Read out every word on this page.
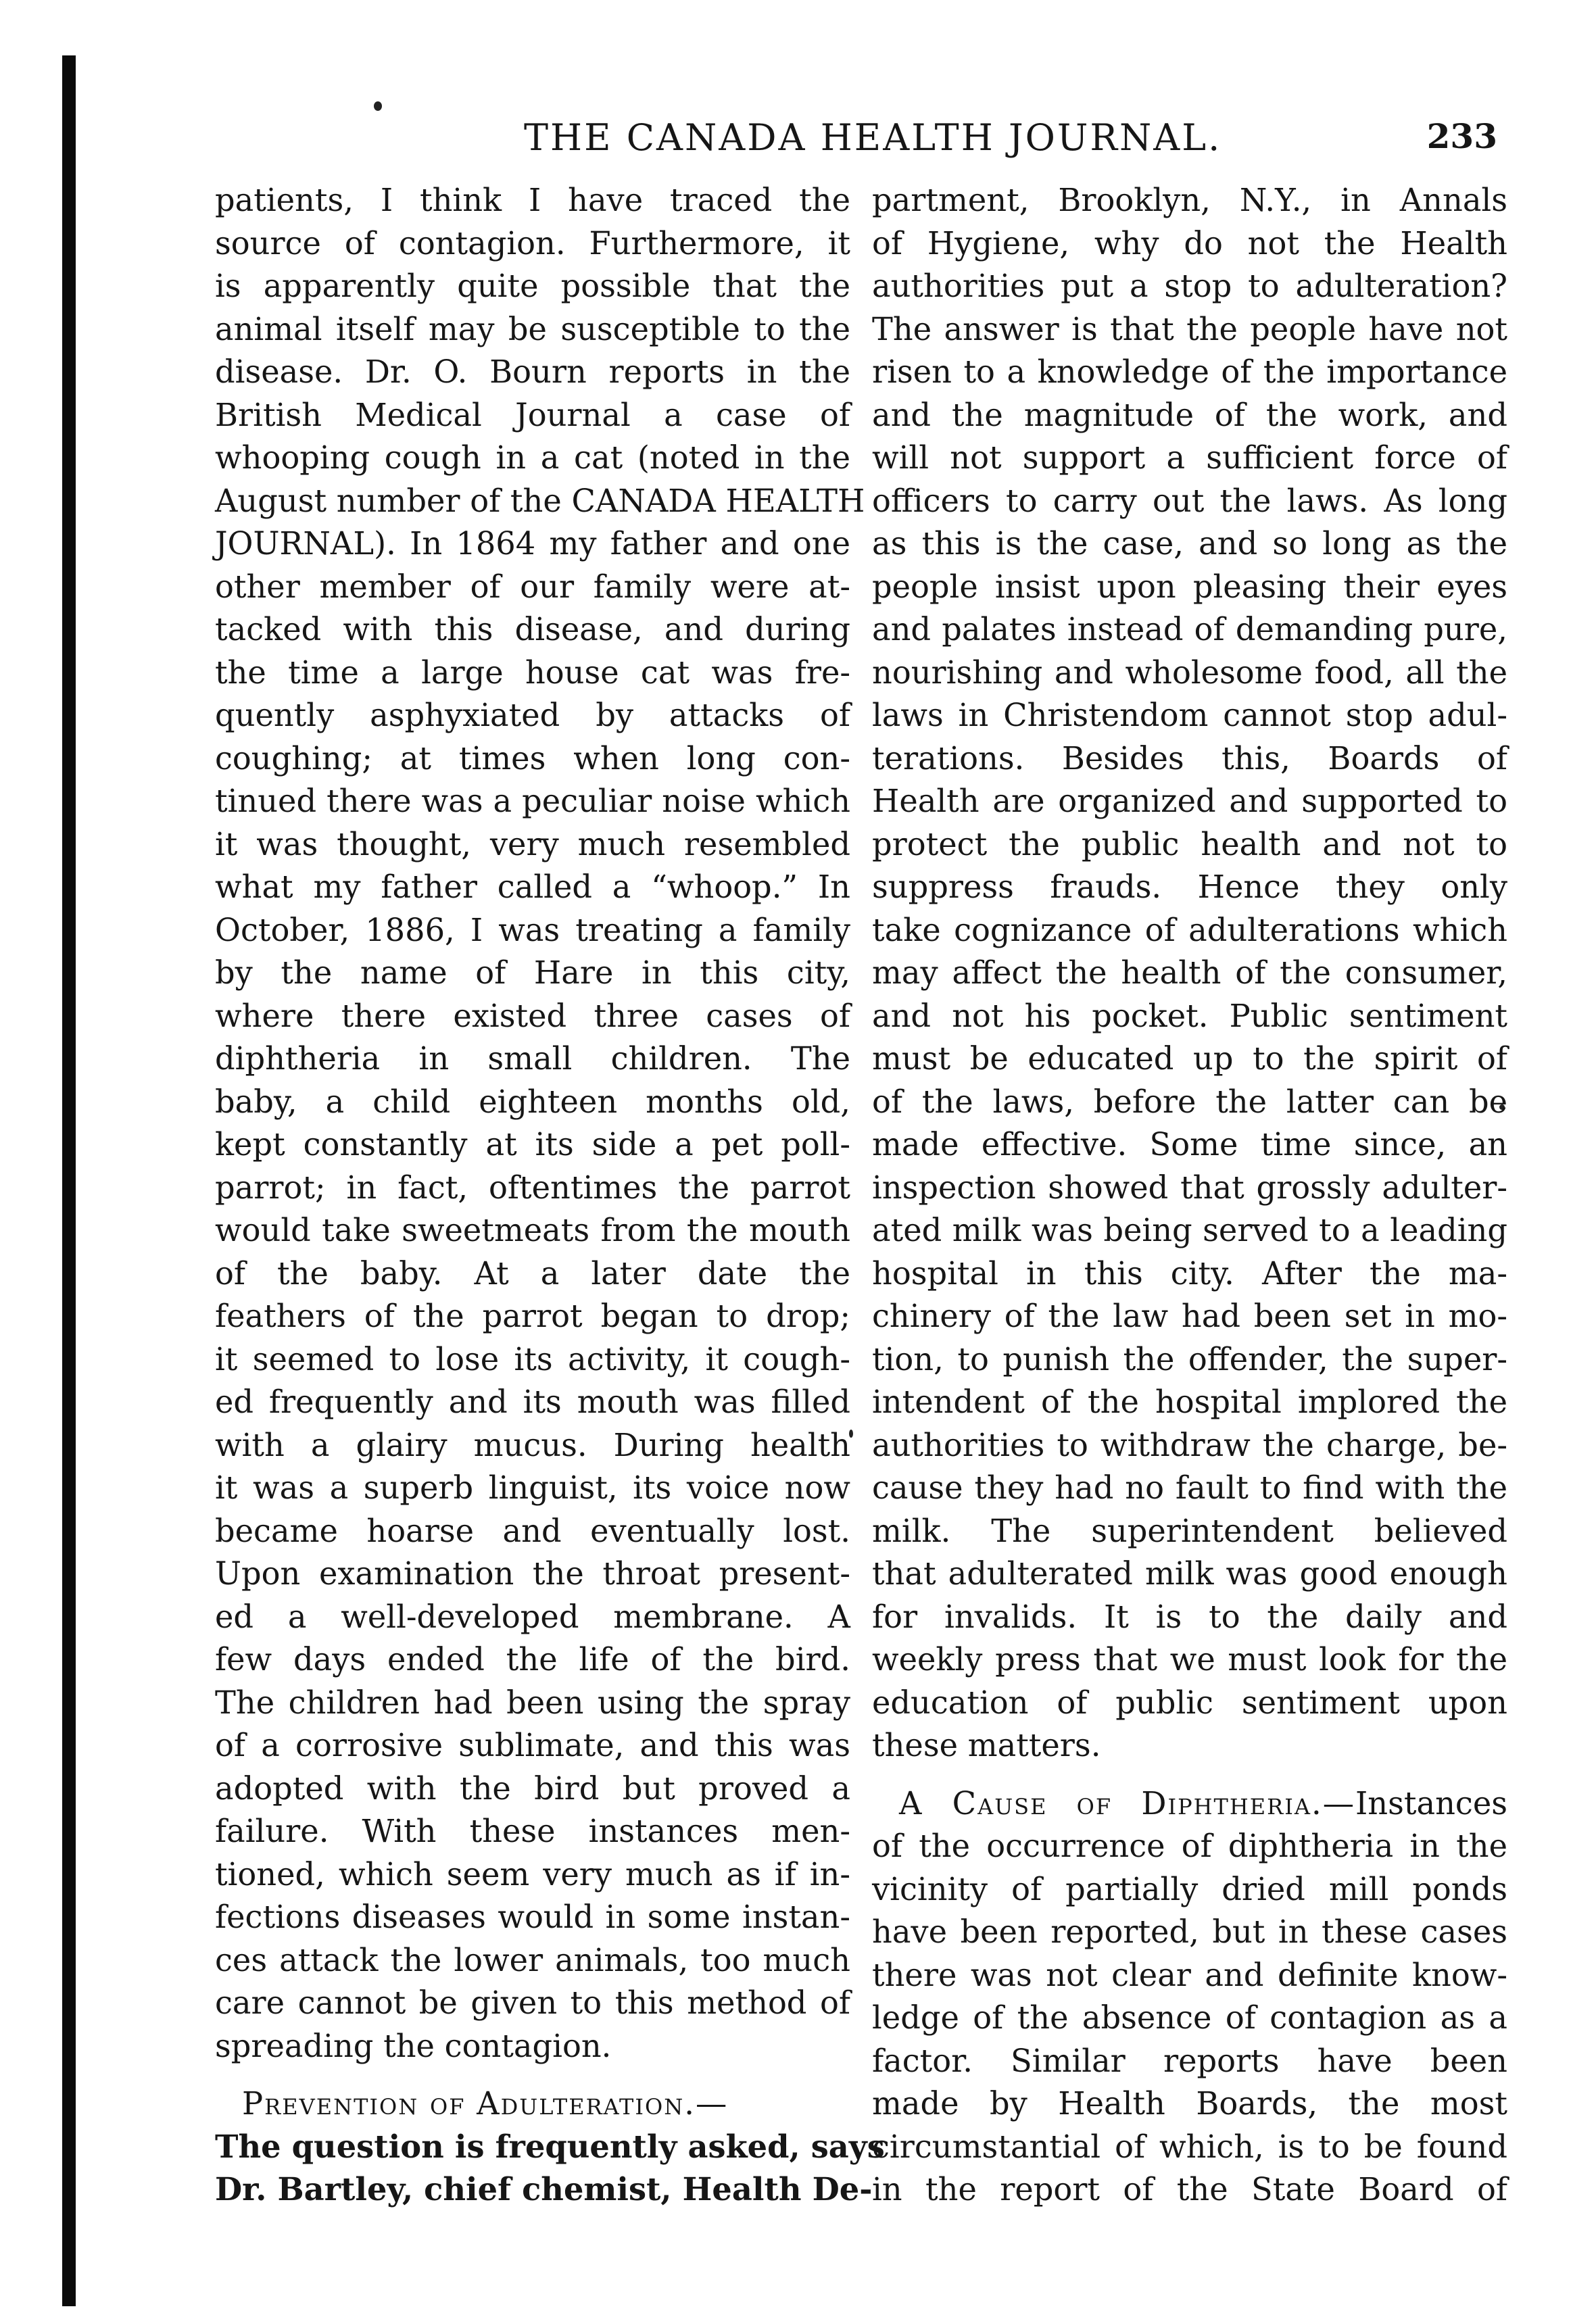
THE CANADA HEALTH JOURNAL.	233
patients, I think I have traced the
source of contagion. Furthermore, it
is apparently quite possible that the
animal itself may be susceptible to the
disease. Dr. O. Bourn reports in the
British Medical Journal a case of
whooping cough in a cat (noted in the
August number of the CANADA HEALTH
JOURNAL). In 1864 my father and one
other member of our family were at-
tacked with this disease, and during
the time a large house cat was fre-
quently asphyxiated by attacks of
coughing; at times when long con-
tinued there was a peculiar noise which
it was thought, very much resembled
what my father called a “whoop.” In
October, 1886, I was treating a family
by the name of Hare in this city,
where there existed three cases of
diphtheria in small children. The
baby, a child eighteen months old,
kept constantly at its side a pet poll-
parrot; in fact, oftentimes the parrot
would take sweetmeats from the mouth
of the baby. At a later date the
feathers of the parrot began to drop;
it seemed to lose its activity, it cough-
ed frequently and its mouth was filled
with a glairy mucus. During health
it was a superb linguist, its voice now
became hoarse and eventually lost.
Upon examination the throat present-
ed a well-developed membrane. A
few days ended the life of the bird.
The children had been using the spray
of a corrosive sublimate, and this was
adopted with the bird but proved a
failure. With these instances men-
tioned, which seem very much as if in-
fections diseases would in some instan-
ces attack the lower animals, too much
care cannot be given to this method of
spreading the contagion.
Prevention of Adulteration.—
The question is frequently asked, says
Dr. Bartley, chief chemist, Health De-
partment, Brooklyn, N.Y., in Annals
of Hygiene, why do not the Health
authorities put a stop to adulteration?
The answer is that the people have not
risen to a knowledge of the importance
and the magnitude of the work, and
will not support a sufficient force of
officers to carry out the laws. As long
as this is the case, and so long as the
people insist upon pleasing their eyes
and palates instead of demanding pure,
nourishing and wholesome food, all the
laws in Christendom cannot stop adul-
terations. Besides this, Boards of
Health are organized and supported to
protect the public health and not to
suppress frauds. Hence they only
take cognizance of adulterations which
may affect the health of the consumer,
and not his pocket. Public sentiment
must be educated up to the spirit of
of the laws, before the latter can be
made effective. Some time since, an
inspection showed that grossly adulter-
ated milk was being served to a leading
hospital in this city. After the ma-
chinery of the law had been set in mo-
tion, to punish the offender, the super-
intendent of the hospital implored the
authorities to withdraw the charge, be-
cause they had no fault to find with the
milk. The superintendent believed
that adulterated milk was good enough
for invalids. It is to the daily and
weekly press that we must look for the
education of public sentiment upon
these matters.
A Cause of Diphtheria.—Instances
of the occurrence of diphtheria in the
vicinity of partially dried mill ponds
have been reported, but in these cases
there was not clear and definite know-
ledge of the absence of contagion as a
factor. Similar reports have been
made by Health Boards, the most
circumstantial of which, is to be found
in the report of the State Board of
